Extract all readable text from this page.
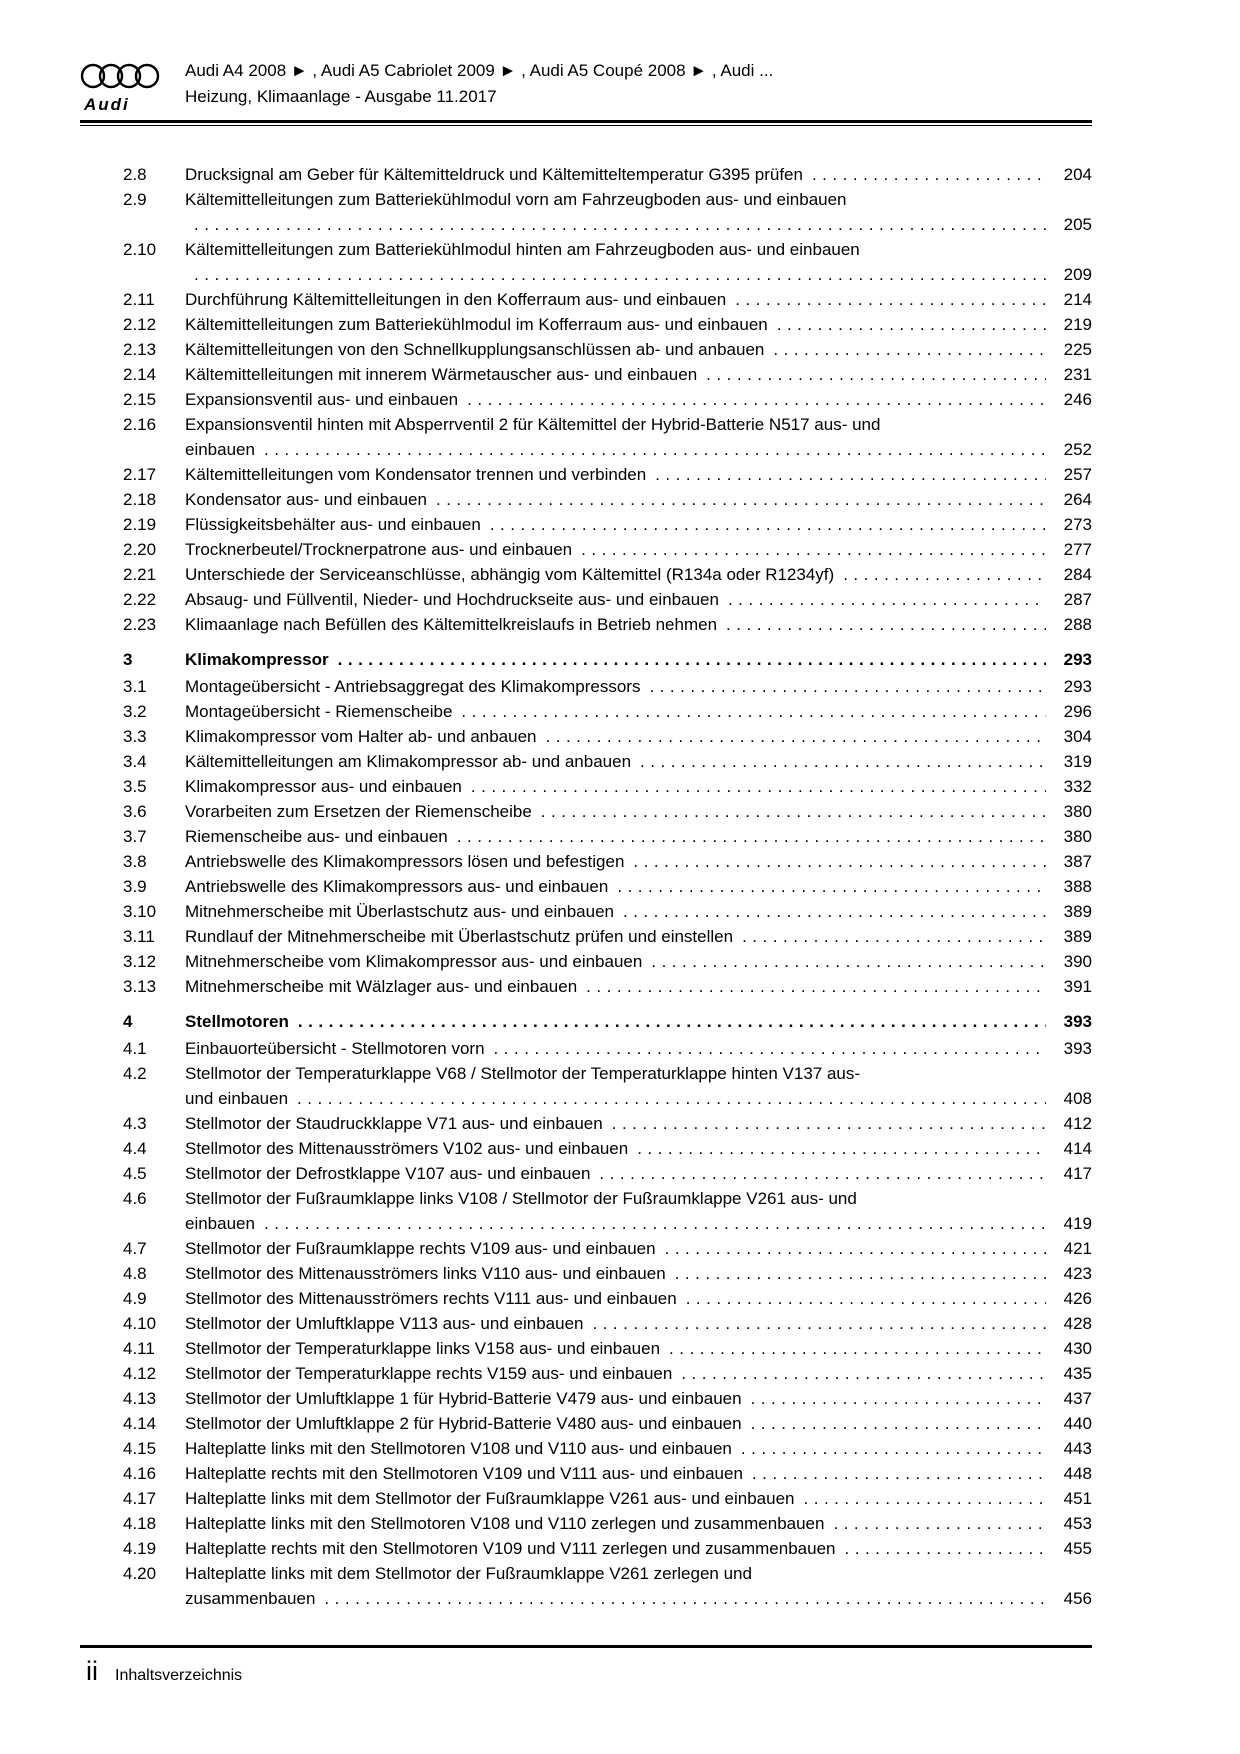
Audi
Audi A4 2008 ► , Audi A5 Cabriolet 2009 ► , Audi A5 Coupé 2008 ► , Audi ...
Heizung, Klimaanlage - Ausgabe 11.2017
2.8	Drucksignal am Geber für Kältemitteldruck und Kältemitteltemperatur G395 prüfen .....	204
2.9	Kältemittelleitungen zum Batteriekühlmodul vorn am Fahrzeugboden aus- und einbauen
.....
205
2.10	Kältemittelleitungen zum Batteriekühlmodul hinten am Fahrzeugboden aus- und einbauen
.....
209
2.11	Durchführung Kältemittelleitungen in den Kofferraum aus- und einbauen .....	214
2.12	Kältemittelleitungen zum Batteriekühlmodul im Kofferraum aus- und einbauen .....	219
2.13	Kältemittelleitungen von den Schnellkupplungsanschlüssen ab- und anbauen .....	225
2.14	Kältemittelleitungen mit innerem Wärmetauscher aus- und einbauen .....	231
2.15	Expansionsventil aus- und einbauen .....	246
2.16	Expansionsventil hinten mit Absperrventil 2 für Kältemittel der Hybrid-Batterie N517 aus- und
einbauen .....	252
2.17	Kältemittelleitungen vom Kondensator trennen und verbinden .....	257
2.18	Kondensator aus- und einbauen .....	264
2.19	Flüssigkeitsbehälter aus- und einbauen .....	273
2.20	Trocknerbeutel/Trocknerpatrone aus- und einbauen .....	277
2.21	Unterschiede der Serviceanschlüsse, abhängig vom Kältemittel (R134a oder R1234yf) .....	284
2.22	Absaug- und Füllventil, Nieder- und Hochdruckseite aus- und einbauen .....	287
2.23	Klimaanlage nach Befüllen des Kältemittelkreislaufs in Betrieb nehmen .....	288
3	Klimakompressor .....	293
3.1	Montageübersicht - Antriebsaggregat des Klimakompressors .....	293
3.2	Montageübersicht - Riemenscheibe .....	296
3.3	Klimakompressor vom Halter ab- und anbauen .....	304
3.4	Kältemittelleitungen am Klimakompressor ab- und anbauen .....	319
3.5	Klimakompressor aus- und einbauen .....	332
3.6	Vorarbeiten zum Ersetzen der Riemenscheibe .....	380
3.7	Riemenscheibe aus- und einbauen .....	380
3.8	Antriebswelle des Klimakompressors lösen und befestigen .....	387
3.9	Antriebswelle des Klimakompressors aus- und einbauen .....	388
3.10	Mitnehmerscheibe mit Überlastschutz aus- und einbauen .....	389
3.11	Rundlauf der Mitnehmerscheibe mit Überlastschutz prüfen und einstellen .....	389
3.12	Mitnehmerscheibe vom Klimakompressor aus- und einbauen .....	390
3.13	Mitnehmerscheibe mit Wälzlager aus- und einbauen .....	391
4	Stellmotoren .....	393
4.1	Einbauorteübersicht - Stellmotoren vorn .....	393
4.2	Stellmotor der Temperaturklappe V68 / Stellmotor der Temperaturklappe hinten V137 aus-
und einbauen .....	408
4.3	Stellmotor der Staudruckklappe V71 aus- und einbauen .....	412
4.4	Stellmotor des Mittenausströmers V102 aus- und einbauen .....	414
4.5	Stellmotor der Defrostklappe V107 aus- und einbauen .....	417
4.6	Stellmotor der Fußraumklappe links V108 / Stellmotor der Fußraumklappe V261 aus- und
einbauen .....	419
4.7	Stellmotor der Fußraumklappe rechts V109 aus- und einbauen .....	421
4.8	Stellmotor des Mittenausströmers links V110 aus- und einbauen .....	423
4.9	Stellmotor des Mittenausströmers rechts V111 aus- und einbauen .....	426
4.10	Stellmotor der Umluftklappe V113 aus- und einbauen .....	428
4.11	Stellmotor der Temperaturklappe links V158 aus- und einbauen .....	430
4.12	Stellmotor der Temperaturklappe rechts V159 aus- und einbauen .....	435
4.13	Stellmotor der Umluftklappe 1 für Hybrid-Batterie V479 aus- und einbauen .....	437
4.14	Stellmotor der Umluftklappe 2 für Hybrid-Batterie V480 aus- und einbauen .....	440
4.15	Halteplatte links mit den Stellmotoren V108 und V110 aus- und einbauen .....	443
4.16	Halteplatte rechts mit den Stellmotoren V109 und V111 aus- und einbauen .....	448
4.17	Halteplatte links mit dem Stellmotor der Fußraumklappe V261 aus- und einbauen .....	451
4.18	Halteplatte links mit den Stellmotoren V108 und V110 zerlegen und zusammenbauen .....	453
4.19	Halteplatte rechts mit den Stellmotoren V109 und V111 zerlegen und zusammenbauen .....	455
4.20	Halteplatte links mit dem Stellmotor der Fußraumklappe V261 zerlegen und
zusammenbauen .....	456
ii Inhaltsverzeichnis
